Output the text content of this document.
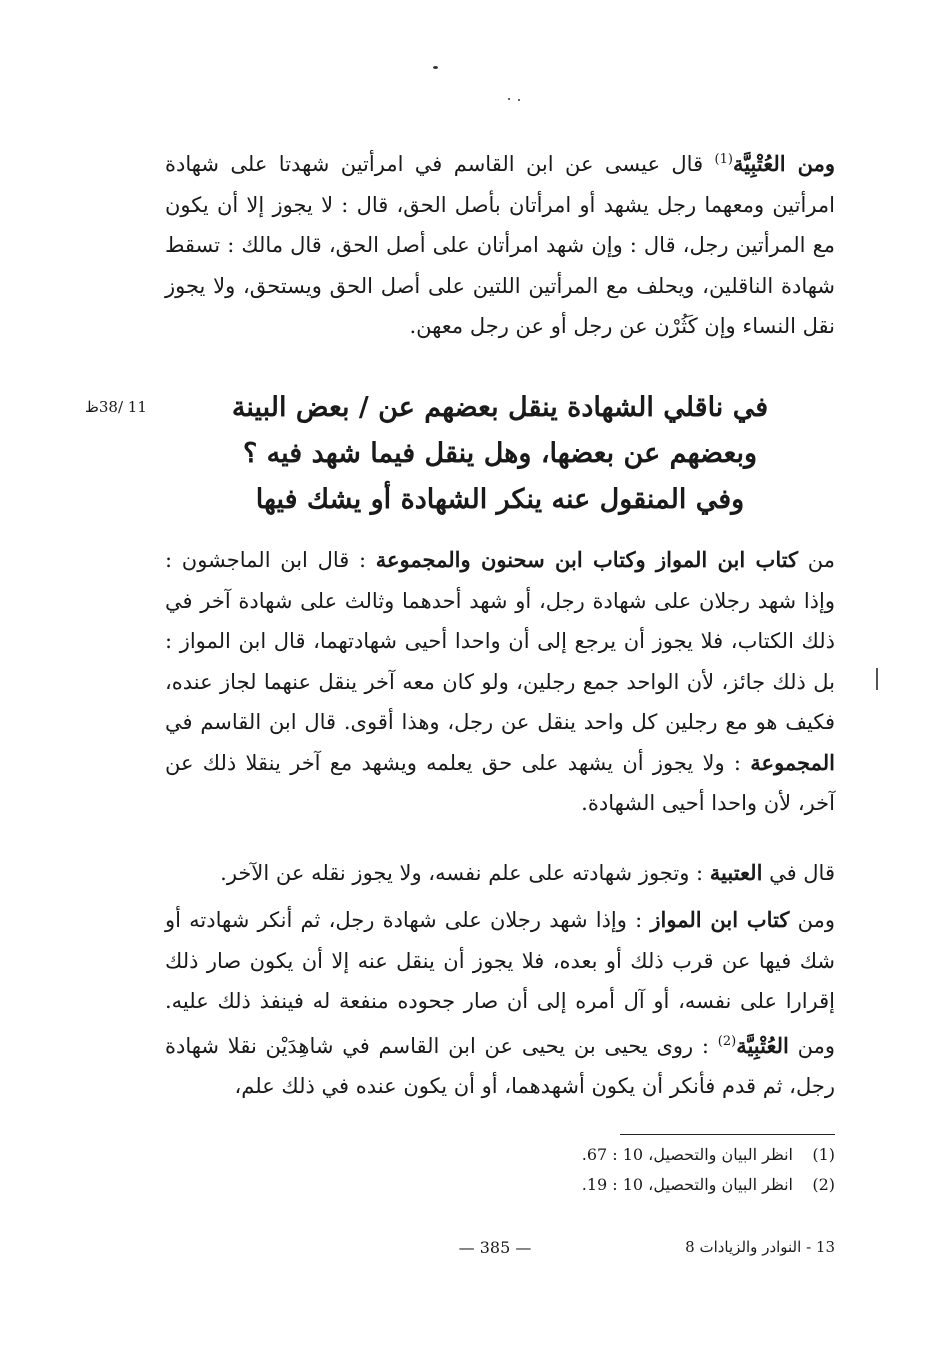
ومن العُتْبِيَّة$^{(1)}$ قال عيسى عن ابن القاسم في امرأتين شهدتا على شهادة امرأتين ومعهما رجل يشهد أو امرأتان بأصل الحق، قال : لا يجوز إلا أن يكون مع المرأتين رجل، قال : وإن شهد امرأتان على أصل الحق، قال مالك : تسقط شهادة الناقلين، ويحلف مع المرأتين اللتين على أصل الحق ويستحق، ولا يجوز نقل النساء وإن كَثُرْن عن رجل أو عن رجل معهن.
في ناقلي الشهادة ينقل بعضهم عن / بعض البينة
وبعضهم عن بعضها، وهل ينقل فيما شهد فيه ؟
وفي المنقول عنه ينكر الشهادة أو يشك فيها
11 /38ظ
من كتاب ابن المواز وكتاب ابن سحنون والمجموعة : قال ابن الماجشون : وإذا شهد رجلان على شهادة رجل، أو شهد أحدهما وثالث على شهادة آخر في ذلك الكتاب، فلا يجوز أن يرجع إلى أن واحدا أحيى شهادتهما، قال ابن المواز : بل ذلك جائز، لأن الواحد جمع رجلين، ولو كان معه آخر ينقل عنهما لجاز عنده، فكيف هو مع رجلين كل واحد ينقل عن رجل، وهذا أقوى. قال ابن القاسم في المجموعة : ولا يجوز أن يشهد على حق يعلمه ويشهد مع آخر ينقلا ذلك عن آخر، لأن واحدا أحيى الشهادة.
قال في العتبية : وتجوز شهادته على علم نفسه، ولا يجوز نقله عن الآخر.
ومن كتاب ابن المواز : وإذا شهد رجلان على شهادة رجل، ثم أنكر شهادته أو شك فيها عن قرب ذلك أو بعده، فلا يجوز أن ينقل عنه إلا أن يكون صار ذلك إقرارا على نفسه، أو آل أمره إلى أن صار جحوده منفعة له فينفذ ذلك عليه. ومن العُتْبِيَّة$^{(2)}$ : روى يحيى بن يحيى عن ابن القاسم في شاهِدَيْن نقلا شهادة رجل، ثم قدم فأنكر أن يكون أشهدهما، أو أن يكون عنده في ذلك علم،
(1)
انظر البيان والتحصيل، 10 : 67.
(2)
انظر البيان والتحصيل، 10 : 19.
— 385 —	13 - النوادر والزيادات 8
